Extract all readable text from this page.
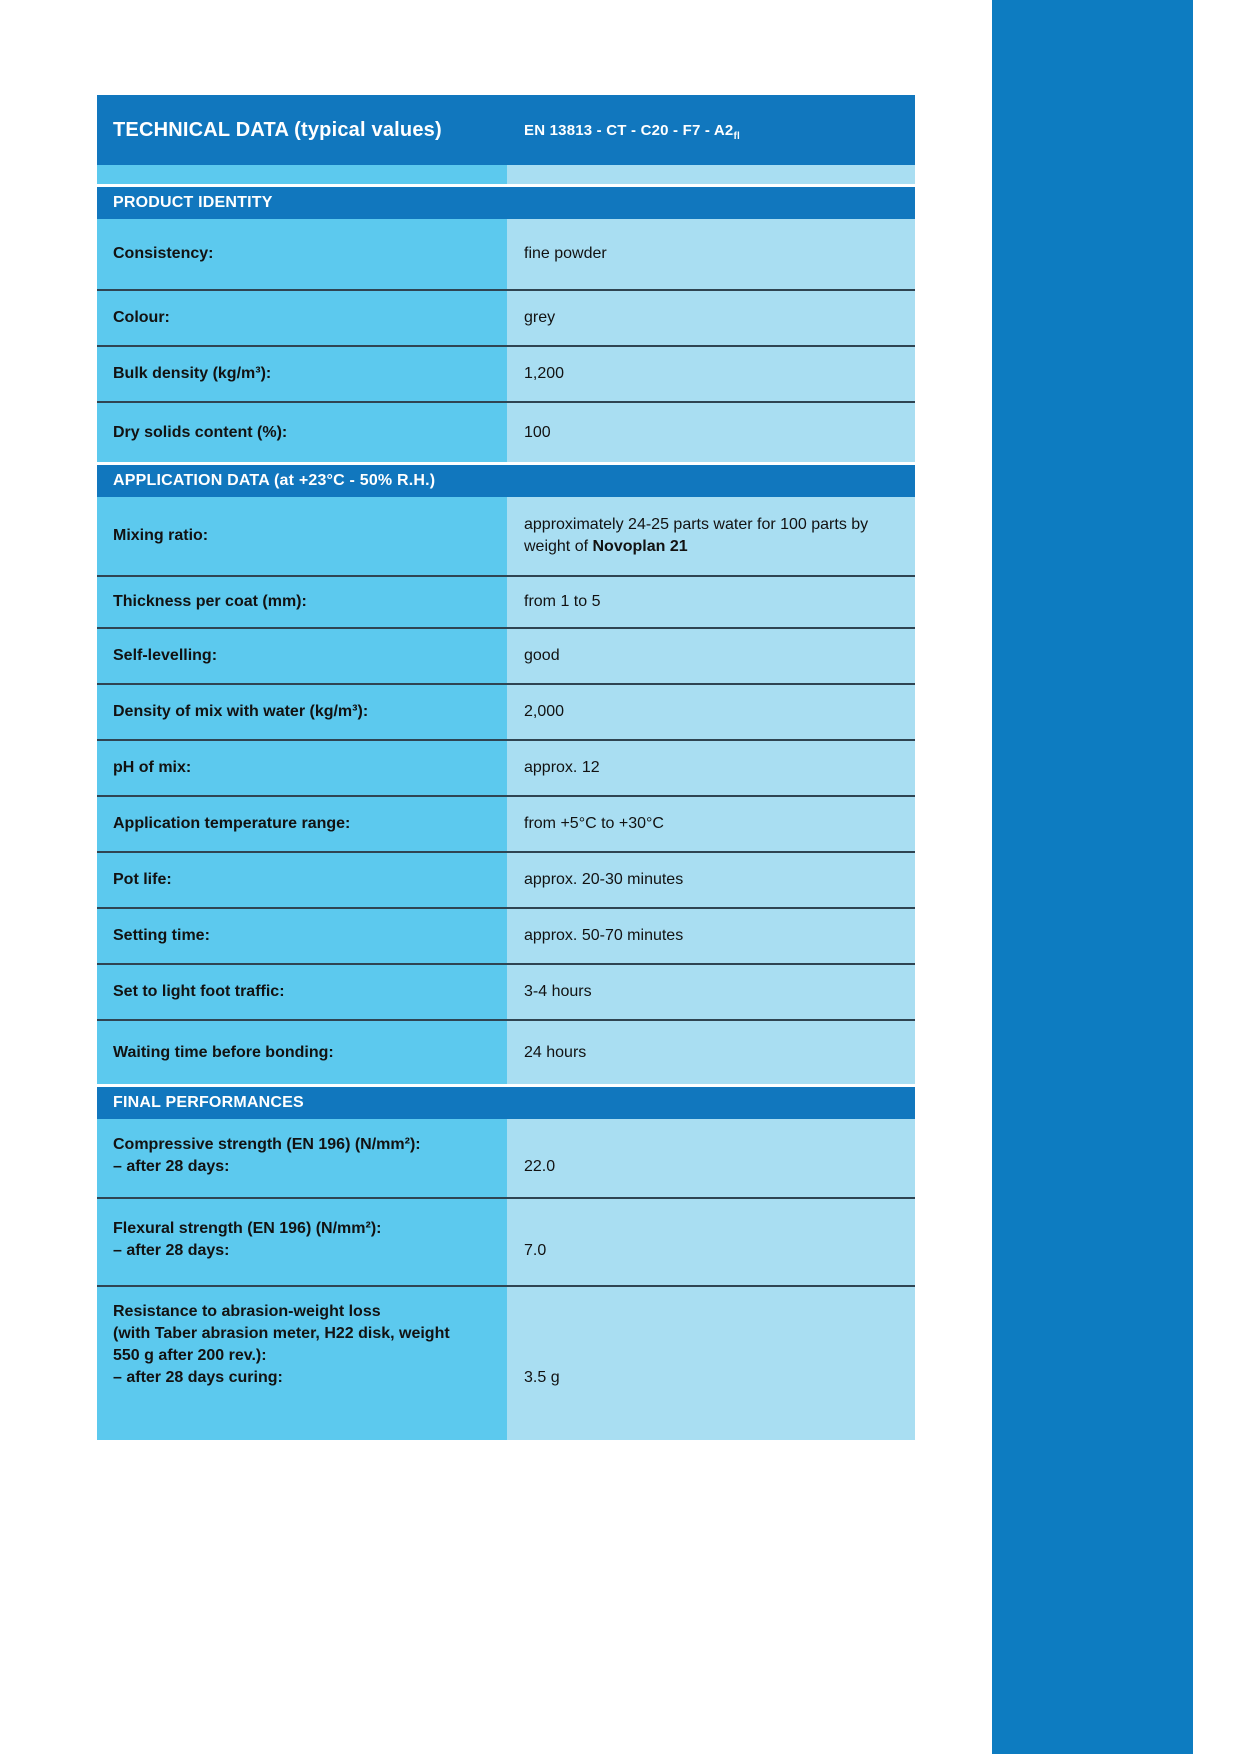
TECHNICAL DATA (typical values)	EN 13813 - CT - $C20 - F7 - A2_{fl}$
PRODUCT IDENTITY
Consistency:	fine powder
Colour:	grey
Bulk density (kg/m³):	1,200
Dry solids content (%):	100
APPLICATION DATA (at +23°C - 50% R.H.)
Mixing ratio:
approximately 24-25 parts water for 100 parts by
weight of Novoplan 21
Thickness per coat (mm):	from 1 to 5
Self-levelling:	good
Density of mix with water (kg/m³):	2,000
pH of mix:	approx. 12
Application temperature range:	from +5°C to +30°C
Pot life:	approx. 20-30 minutes
Setting time:	approx. 50-70 minutes
Set to light foot traffic:	3-4 hours
Waiting time before bonding:	24 hours
FINAL PERFORMANCES
Compressive strength (EN 196) (N/mm²):
– after 28 days:	22.0
Flexural strength (EN 196) (N/mm²):
– after 28 days:	7.0
Resistance to abrasion-weight loss
(with Taber abrasion meter, H22 disk, weight
550 g after 200 rev.):
– after 28 days curing:	3.5 g
